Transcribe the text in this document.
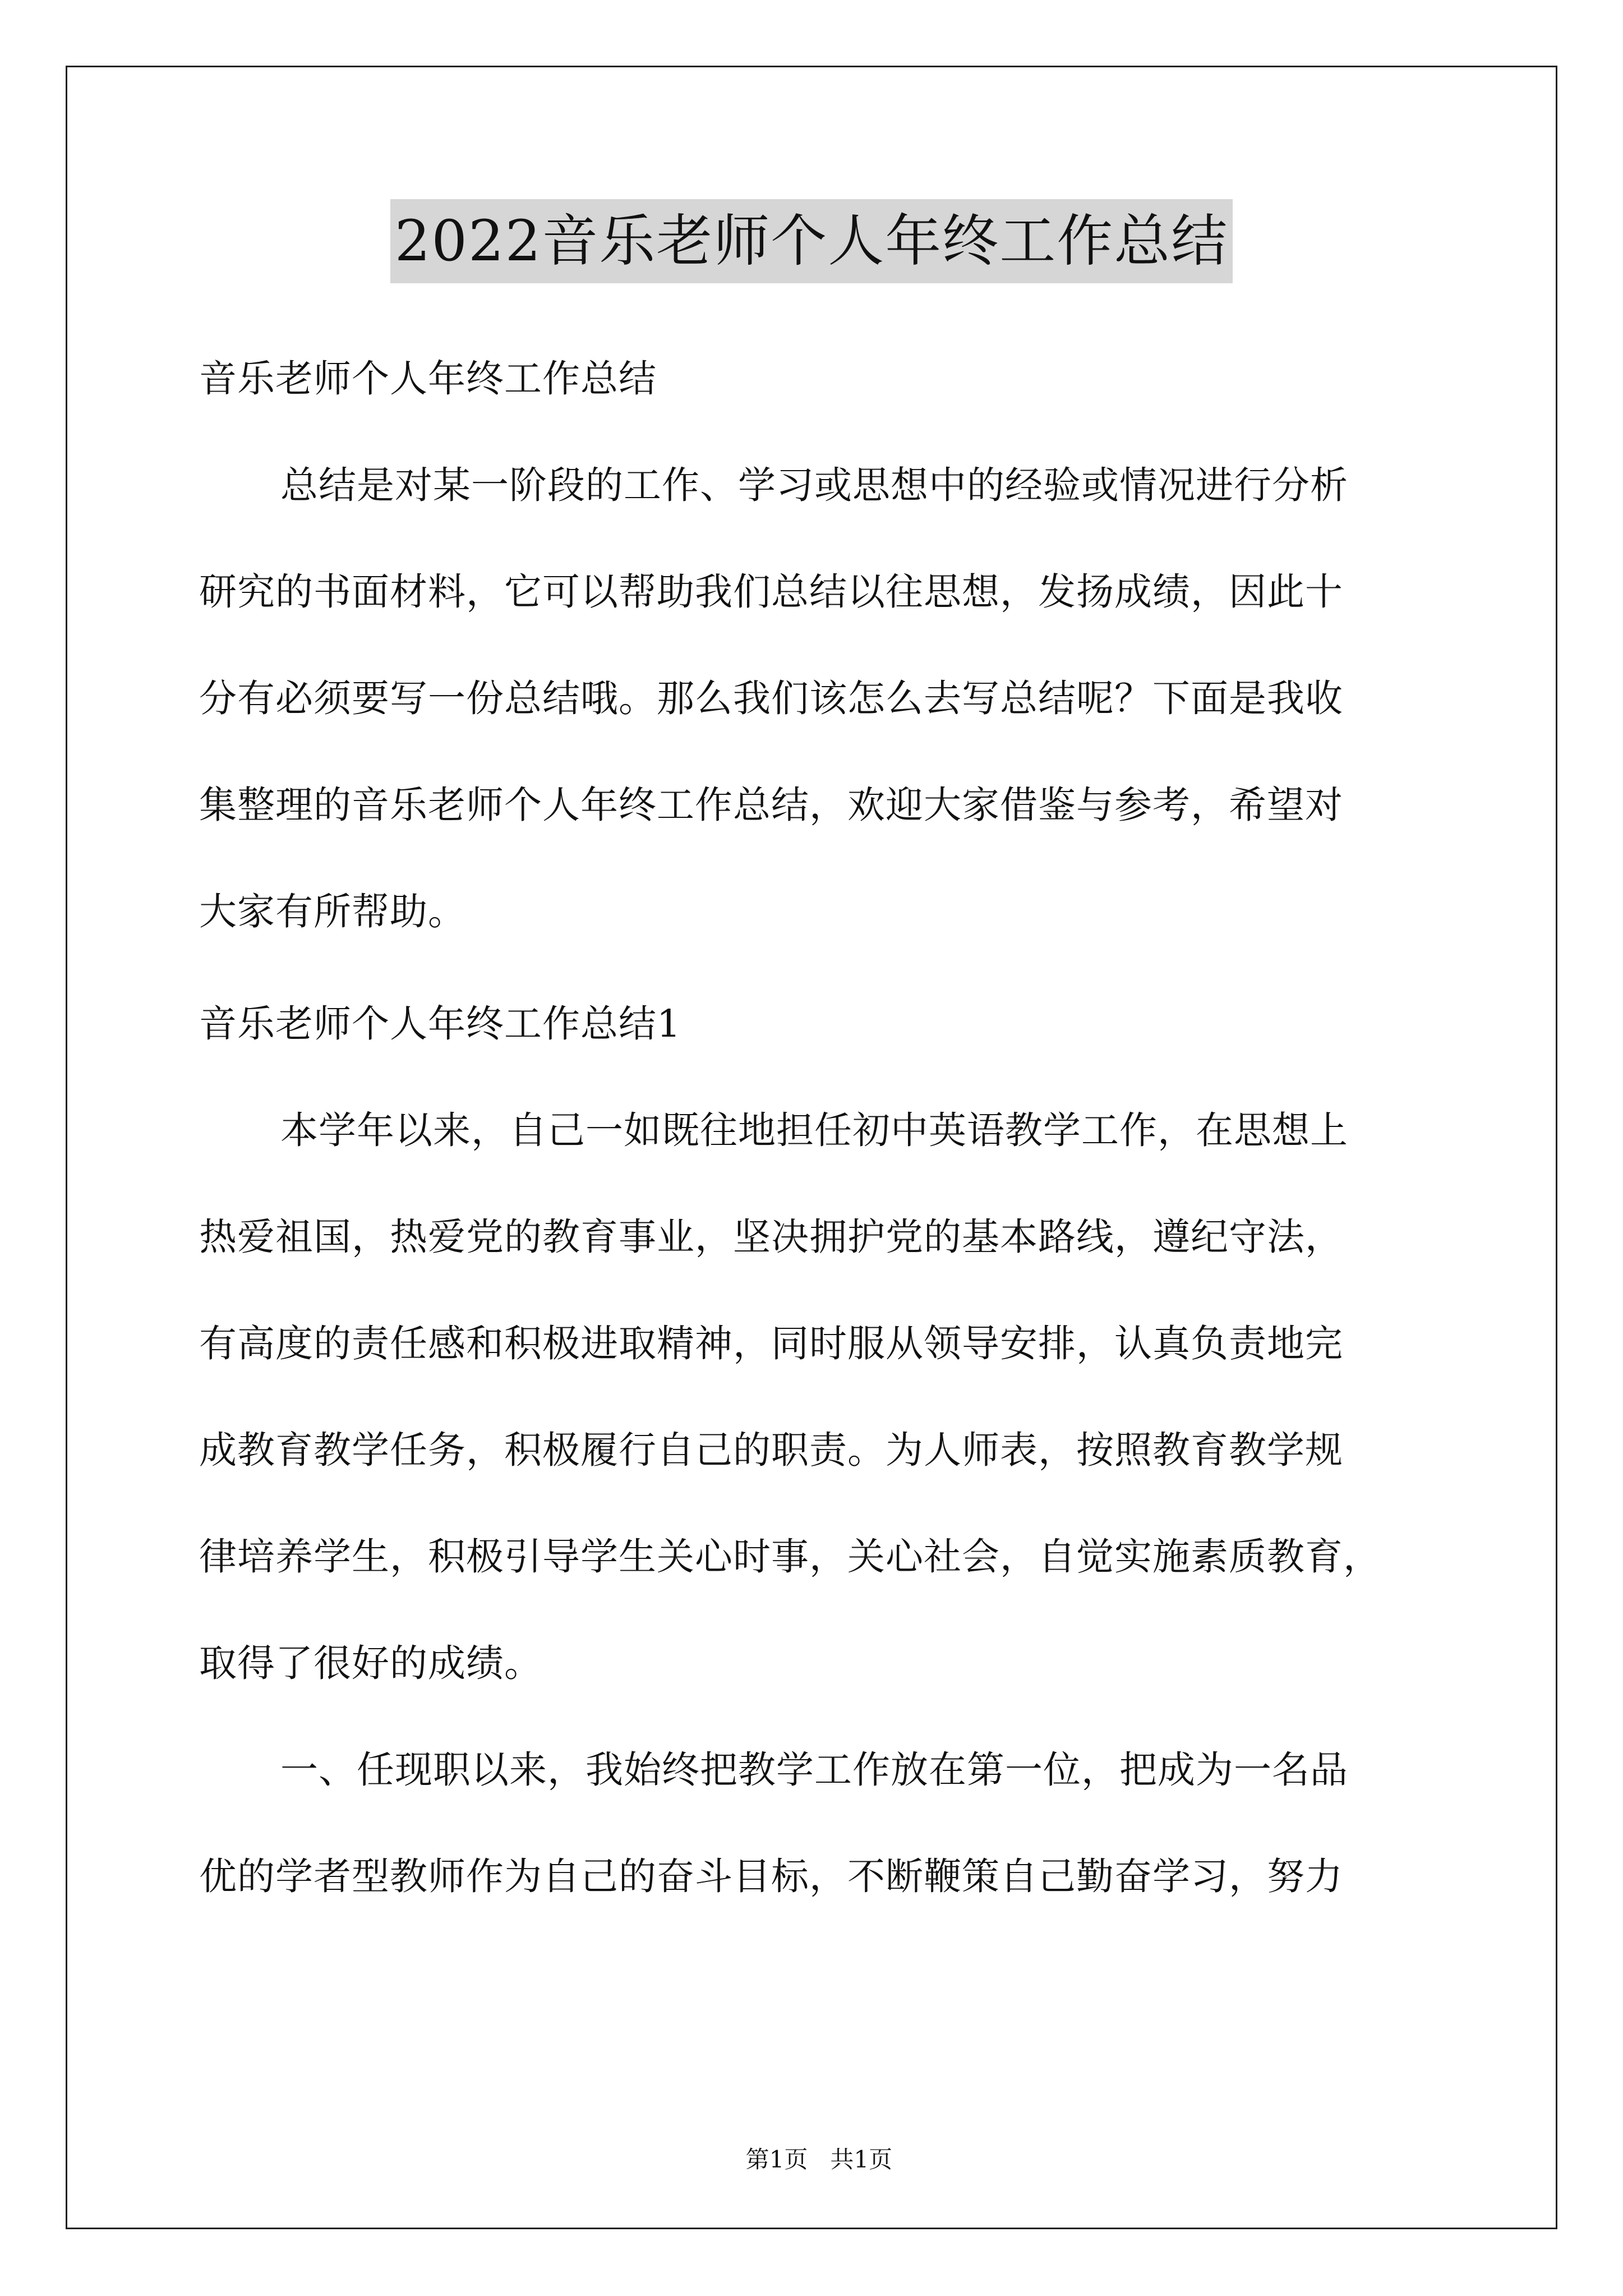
2022音乐老师个人年终工作总结
音乐老师个人年终工作总结
总结是对某一阶段的工作、学习或思想中的经验或情况进行分析
研究的书面材料，它可以帮助我们总结以往思想，发扬成绩，因此十
分有必须要写一份总结哦。那么我们该怎么去写总结呢？下面是我收
集整理的音乐老师个人年终工作总结，欢迎大家借鉴与参考，希望对
大家有所帮助。
音乐老师个人年终工作总结1
本学年以来，自己一如既往地担任初中英语教学工作，在思想上
热爱祖国，热爱党的教育事业，坚决拥护党的基本路线，遵纪守法，
有高度的责任感和积极进取精神，同时服从领导安排，认真负责地完
成教育教学任务，积极履行自己的职责。为人师表，按照教育教学规
律培养学生，积极引导学生关心时事，关心社会，自觉实施素质教育，
取得了很好的成绩。
一、任现职以来，我始终把教学工作放在第一位，把成为一名品
优的学者型教师作为自己的奋斗目标，不断鞭策自己勤奋学习，努力

第1页   共1页
